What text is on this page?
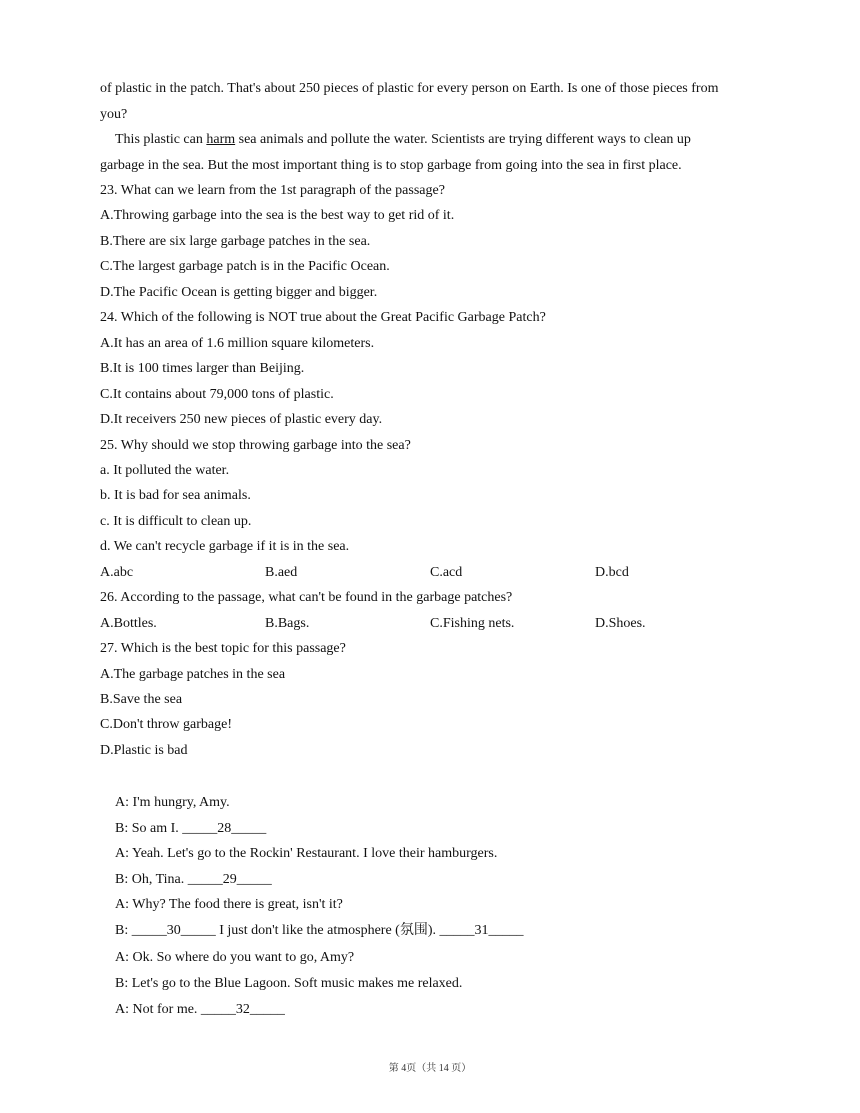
of plastic in the patch. That's about 250 pieces of plastic for every person on Earth. Is one of those pieces from
you?
This plastic can harm sea animals and pollute the water. Scientists are trying different ways to clean up
garbage in the sea. But the most important thing is to stop garbage from going into the sea in first place.
23. What can we learn from the 1st paragraph of the passage?
A.Throwing garbage into the sea is the best way to get rid of it.
B.There are six large garbage patches in the sea.
C.The largest garbage patch is in the Pacific Ocean.
D.The Pacific Ocean is getting bigger and bigger.
24. Which of the following is NOT true about the Great Pacific Garbage Patch?
A.It has an area of 1.6 million square kilometers.
B.It is 100 times larger than Beijing.
C.It contains about 79,000 tons of plastic.
D.It receivers 250 new pieces of plastic every day.
25. Why should we stop throwing garbage into the sea?
a. It polluted the water.
b. It is bad for sea animals.
c. It is difficult to clean up.
d. We can't recycle garbage if it is in the sea.
A.abc	B.aed	C.acd	D.bcd
26. According to the passage, what can't be found in the garbage patches?
A.Bottles.	B.Bags.	C.Fishing nets.	D.Shoes.
27. Which is the best topic for this passage?
A.The garbage patches in the sea
B.Save the sea
C.Don't throw garbage!
D.Plastic is bad
A: I'm hungry, Amy.
B: So am I. _____28_____
A: Yeah. Let's go to the Rockin' Restaurant. I love their hamburgers.
B: Oh, Tina. _____29_____
A: Why? The food there is great, isn't it?
B: _____30_____ I just don't like the atmosphere (氛围). _____31_____
A: Ok. So where do you want to go, Amy?
B: Let's go to the Blue Lagoon. Soft music makes me relaxed.
A: Not for me. _____32_____
第 4页（共 14 页）
